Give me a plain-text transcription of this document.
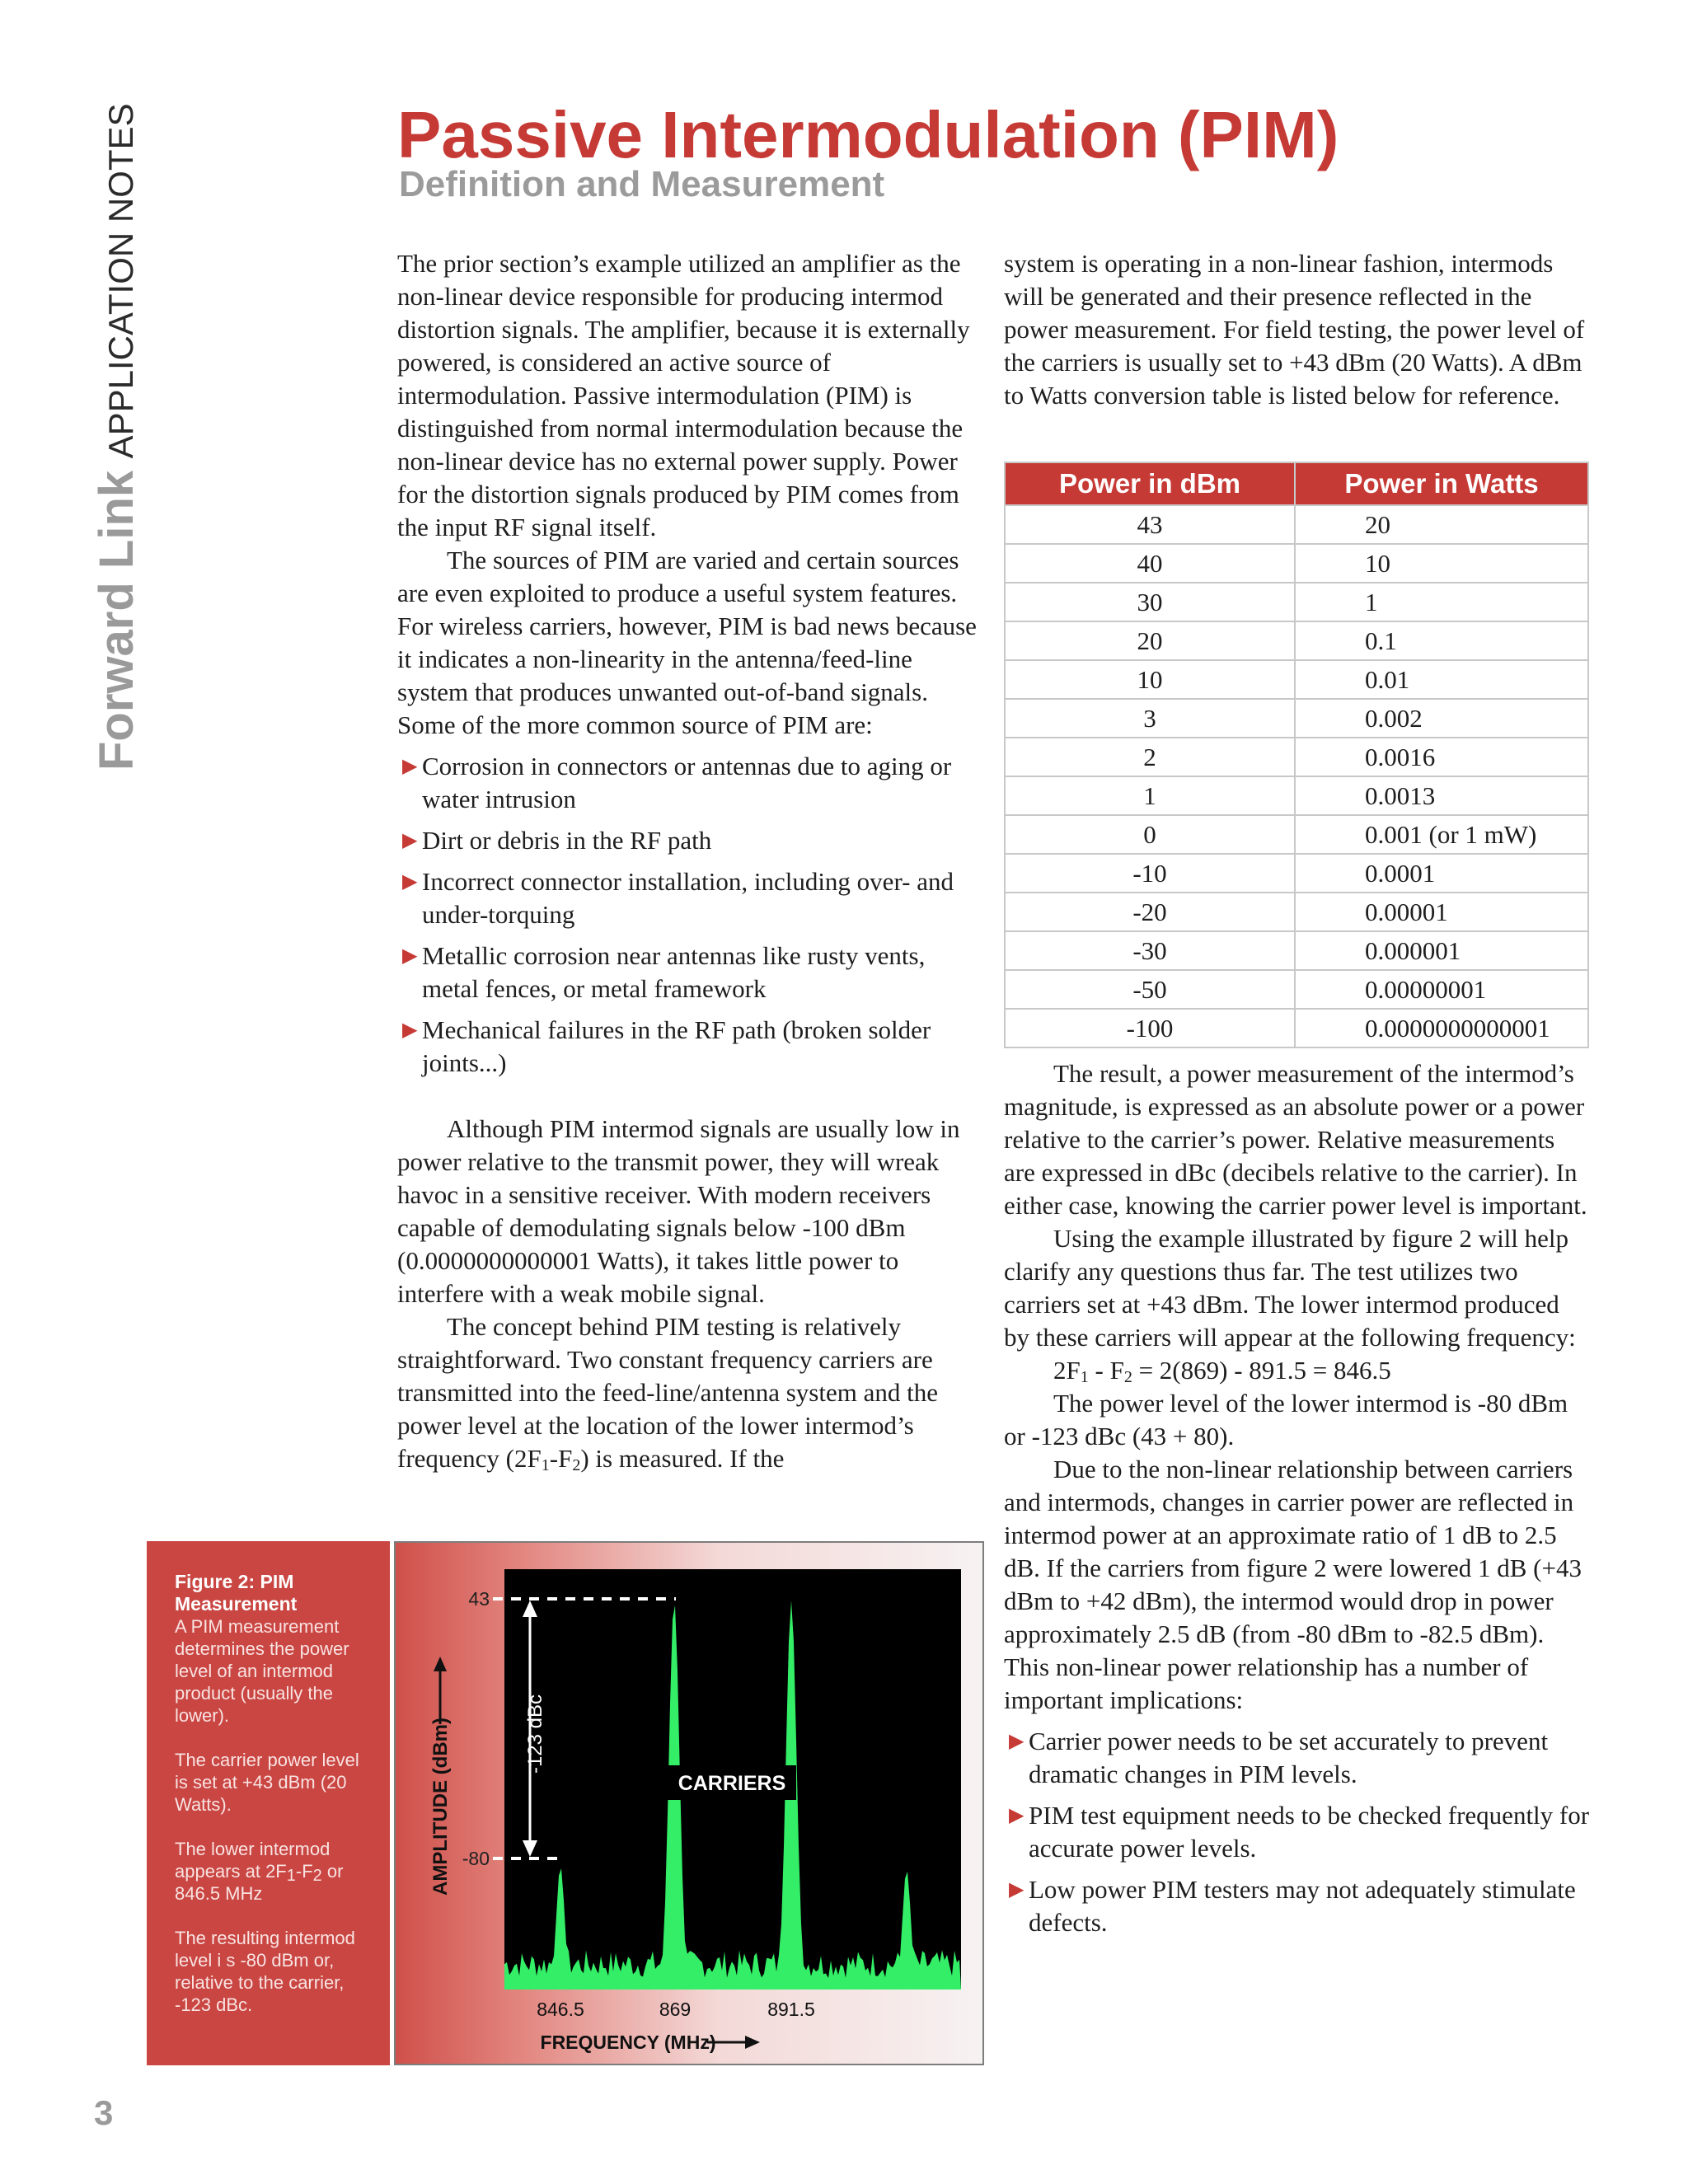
Forward Link APPLICATION NOTES	Passive Intermodulation (PIM)
Definition and Measurement

The prior section’s example utilized an amplifier as the non-linear device responsible for producing intermod distortion signals. The amplifier, because it is externally powered, is considered an active source of intermodulation. Passive intermodulation (PIM) is distinguished from normal intermodulation because the non-linear device has no external power supply. Power for the distortion signals produced by PIM comes from the input RF signal itself.

The sources of PIM are varied and certain sources are even exploited to produce a useful system features. For wireless carriers, however, PIM is bad news because it indicates a non-linearity in the antenna/feed-line system that produces unwanted out-of-band signals. Some of the more common source of PIM are:

▶ Corrosion in connectors or antennas due to aging or water intrusion
▶ Dirt or debris in the RF path
▶ Incorrect connector installation, including over- and under-torquing
▶ Metallic corrosion near antennas like rusty vents, metal fences, or metal framework
▶ Mechanical failures in the RF path (broken solder joints...)

Although PIM intermod signals are usually low in power relative to the transmit power, they will wreak havoc in a sensitive receiver. With modern receivers capable of demodulating signals below -100 dBm (0.0000000000001 Watts), it takes little power to interfere with a weak mobile signal.

The concept behind PIM testing is relatively straightforward. Two constant frequency carriers are transmitted into the feed-line/antenna system and the power level at the location of the lower intermod’s frequency $(2F_1-F_2)$ is measured. If the

system is operating in a non-linear fashion, intermods will be generated and their presence reflected in the power measurement. For field testing, the power level of the carriers is usually set to +43 dBm (20 Watts). A dBm to Watts conversion table is listed below for reference.

Power in dBm	Power in Watts
43	20
40	10
30	1
20	0.1
10	0.01
3	0.002
2	0.0016
1	0.0013
0	0.001 (or 1 mW)
-10	0.0001
-20	0.00001
-30	0.000001
-50	0.00000001
-100	0.0000000000001

The result, a power measurement of the intermod’s magnitude, is expressed as an absolute power or a power relative to the carrier’s power. Relative measurements are expressed in dBc (decibels relative to the carrier). In either case, knowing the carrier power level is important.

Using the example illustrated by figure 2 will help clarify any questions thus far. The test utilizes two carriers set at +43 dBm. The lower intermod produced by these carriers will appear at the following frequency:

$2F_1 - F_2 = 2(869) - 891.5 = 846.5$

The power level of the lower intermod is -80 dBm or -123 dBc (43 + 80).

Due to the non-linear relationship between carriers and intermods, changes in carrier power are reflected in intermod power at an approximate ratio of 1 dB to 2.5 dB. If the carriers from figure 2 were lowered 1 dB (+43 dBm to +42 dBm), the intermod would drop in power approximately 2.5 dB (from -80 dBm to -82.5 dBm). This non-linear power relationship has a number of important implications:

▶ Carrier power needs to be set accurately to prevent dramatic changes in PIM levels.
▶ PIM test equipment needs to be checked frequently for accurate power levels.
▶ Low power PIM testers may not adequately stimulate defects.
Figure 2: PIM Measurement
A PIM measurement determines the power level of an intermod product (usually the lower).
The carrier power level is set at +43 dBm (20 Watts).
The lower intermod appears at $2F_1-F_2$ or 846.5 MHz
The resulting intermod level i s -80 dBm or, relative to the carrier, -123 dBc.
-123 dBc
43
-80
AMPLITUDE (dBm)	CARRIERS
846.5	869	891.5
FREQUENCY (MHz)
3
